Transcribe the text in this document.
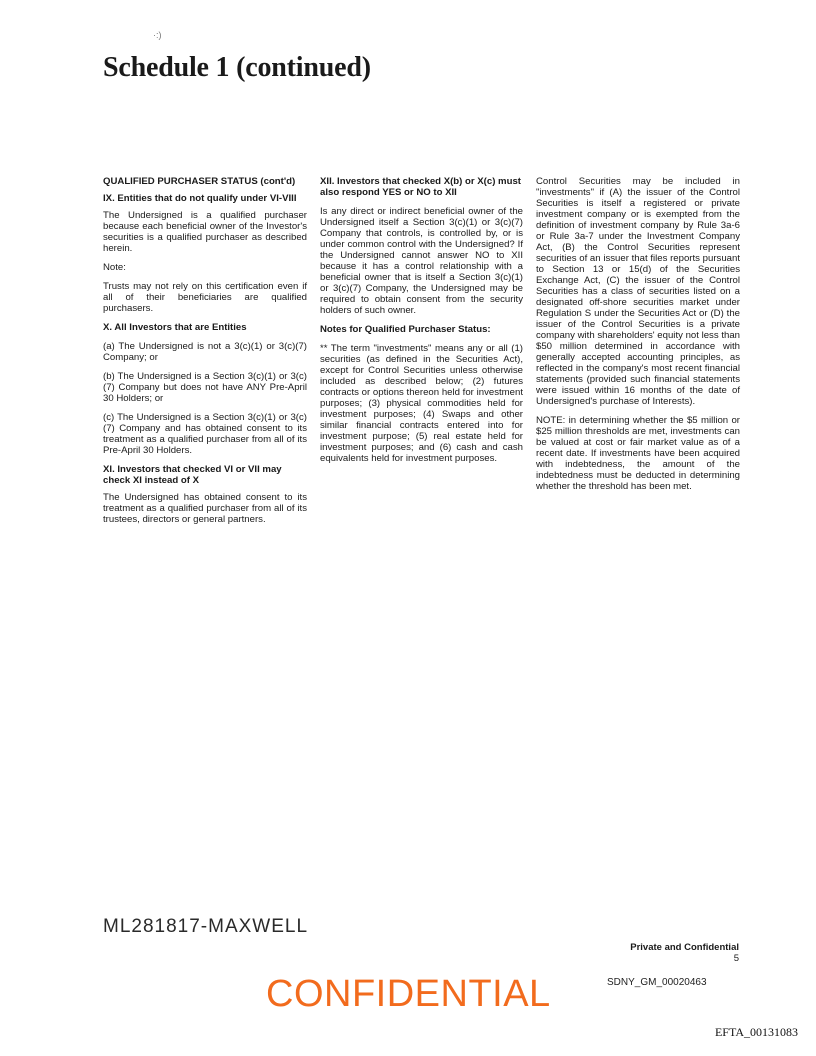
·:)
Schedule 1 (continued)
QUALIFIED PURCHASER STATUS (cont'd)
IX. Entities that do not qualify under VI-VIII

The Undersigned is a qualified purchaser because each beneficial owner of the Investor's securities is a qualified purchaser as described herein.

Note:

Trusts may not rely on this certification even if all of their beneficiaries are qualified purchasers.

X. All Investors that are Entities

(a) The Undersigned is not a 3(c)(1) or 3(c)(7) Company; or

(b) The Undersigned is a Section 3(c)(1) or 3(c)(7) Company but does not have ANY Pre-April 30 Holders; or

(c) The Undersigned is a Section 3(c)(1) or 3(c)(7) Company and has obtained consent to its treatment as a qualified purchaser from all of its Pre-April 30 Holders.

XI. Investors that checked VI or VII may check XI instead of X

The Undersigned has obtained consent to its treatment as a qualified purchaser from all of its trustees, directors or general partners.

XII. Investors that checked X(b) or X(c) must also respond YES or NO to XII

Is any direct or indirect beneficial owner of the Undersigned itself a Section 3(c)(1) or 3(c)(7) Company that controls, is controlled by, or is under common control with the Undersigned? If the Undersigned cannot answer NO to XII because it has a control relationship with a beneficial owner that is itself a Section 3(c)(1) or 3(c)(7) Company, the Undersigned may be required to obtain consent from the security holders of such owner.

Notes for Qualified Purchaser Status:

** The term "investments" means any or all (1) securities (as defined in the Securities Act), except for Control Securities unless otherwise included as described below; (2) futures contracts or options thereon held for investment purposes; (3) physical commodities held for investment purposes; (4) Swaps and other similar financial contracts entered into for investment purpose; (5) real estate held for investment purposes; and (6) cash and cash equivalents held for investment purposes.

Control Securities may be included in "investments" if (A) the issuer of the Control Securities is itself a registered or private investment company or is exempted from the definition of investment company by Rule 3a-6 or Rule 3a-7 under the Investment Company Act, (B) the Control Securities represent securities of an issuer that files reports pursuant to Section 13 or 15(d) of the Securities Exchange Act, (C) the issuer of the Control Securities has a class of securities listed on a designated off-shore securities market under Regulation S under the Securities Act or (D) the issuer of the Control Securities is a private company with shareholders' equity not less than $50 million determined in accordance with generally accepted accounting principles, as reflected in the company's most recent financial statements (provided such financial statements were issued within 16 months of the date of Undersigned's purchase of Interests).

NOTE: in determining whether the $5 million or $25 million thresholds are met, investments can be valued at cost or fair market value as of a recent date. If investments have been acquired with indebtedness, the amount of the indebtedness must be deducted in determining whether the threshold has been met.

ML281817-MAXWELL
Private and Confidential
5
SDNY_GM_00020463
CONFIDENTIAL
EFTA_00131083
